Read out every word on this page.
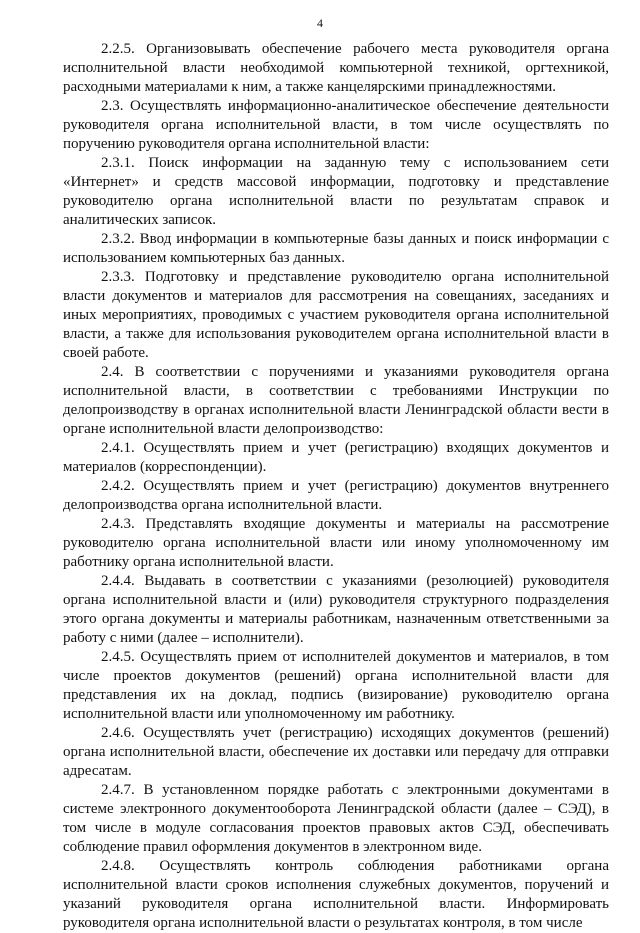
4

2.2.5. Организовывать обеспечение рабочего места руководителя органа исполнительной власти необходимой компьютерной техникой, оргтехникой, расходными материалами к ним, а также канцелярскими принадлежностями.

2.3. Осуществлять информационно-аналитическое обеспечение деятельности руководителя органа исполнительной власти, в том числе осуществлять по поручению руководителя органа исполнительной власти:

2.3.1. Поиск информации на заданную тему с использованием сети «Интернет» и средств массовой информации, подготовку и представление руководителю органа исполнительной власти по результатам справок и аналитических записок.

2.3.2. Ввод информации в компьютерные базы данных и поиск информации с использованием компьютерных баз данных.

2.3.3. Подготовку и представление руководителю органа исполнительной власти документов и материалов для рассмотрения на совещаниях, заседаниях и иных мероприятиях, проводимых с участием руководителя органа исполнительной власти, а также для использования руководителем органа исполнительной власти в своей работе.

2.4. В соответствии с поручениями и указаниями руководителя органа исполнительной власти, в соответствии с требованиями Инструкции по делопроизводству в органах исполнительной власти Ленинградской области вести в органе исполнительной власти делопроизводство:

2.4.1. Осуществлять прием и учет (регистрацию) входящих документов и материалов (корреспонденции).

2.4.2. Осуществлять прием и учет (регистрацию) документов внутреннего делопроизводства органа исполнительной власти.

2.4.3. Представлять входящие документы и материалы на рассмотрение руководителю органа исполнительной власти или иному уполномоченному им работнику органа исполнительной власти.

2.4.4. Выдавать в соответствии с указаниями (резолюцией) руководителя органа исполнительной власти и (или) руководителя структурного подразделения этого органа документы и материалы работникам, назначенным ответственными за работу с ними (далее – исполнители).

2.4.5. Осуществлять прием от исполнителей документов и материалов, в том числе проектов документов (решений) органа исполнительной власти для представления их на доклад, подпись (визирование) руководителю органа исполнительной власти или уполномоченному им работнику.

2.4.6. Осуществлять учет (регистрацию) исходящих документов (решений) органа исполнительной власти, обеспечение их доставки или передачу для отправки адресатам.

2.4.7. В установленном порядке работать с электронными документами в системе электронного документооборота Ленинградской области (далее – СЭД), в том числе в модуле согласования проектов правовых актов СЭД, обеспечивать соблюдение правил оформления документов в электронном виде.

2.4.8. Осуществлять контроль соблюдения работниками органа исполнительной власти сроков исполнения служебных документов, поручений и указаний руководителя органа исполнительной власти. Информировать руководителя органа исполнительной власти о результатах контроля, в том числе
